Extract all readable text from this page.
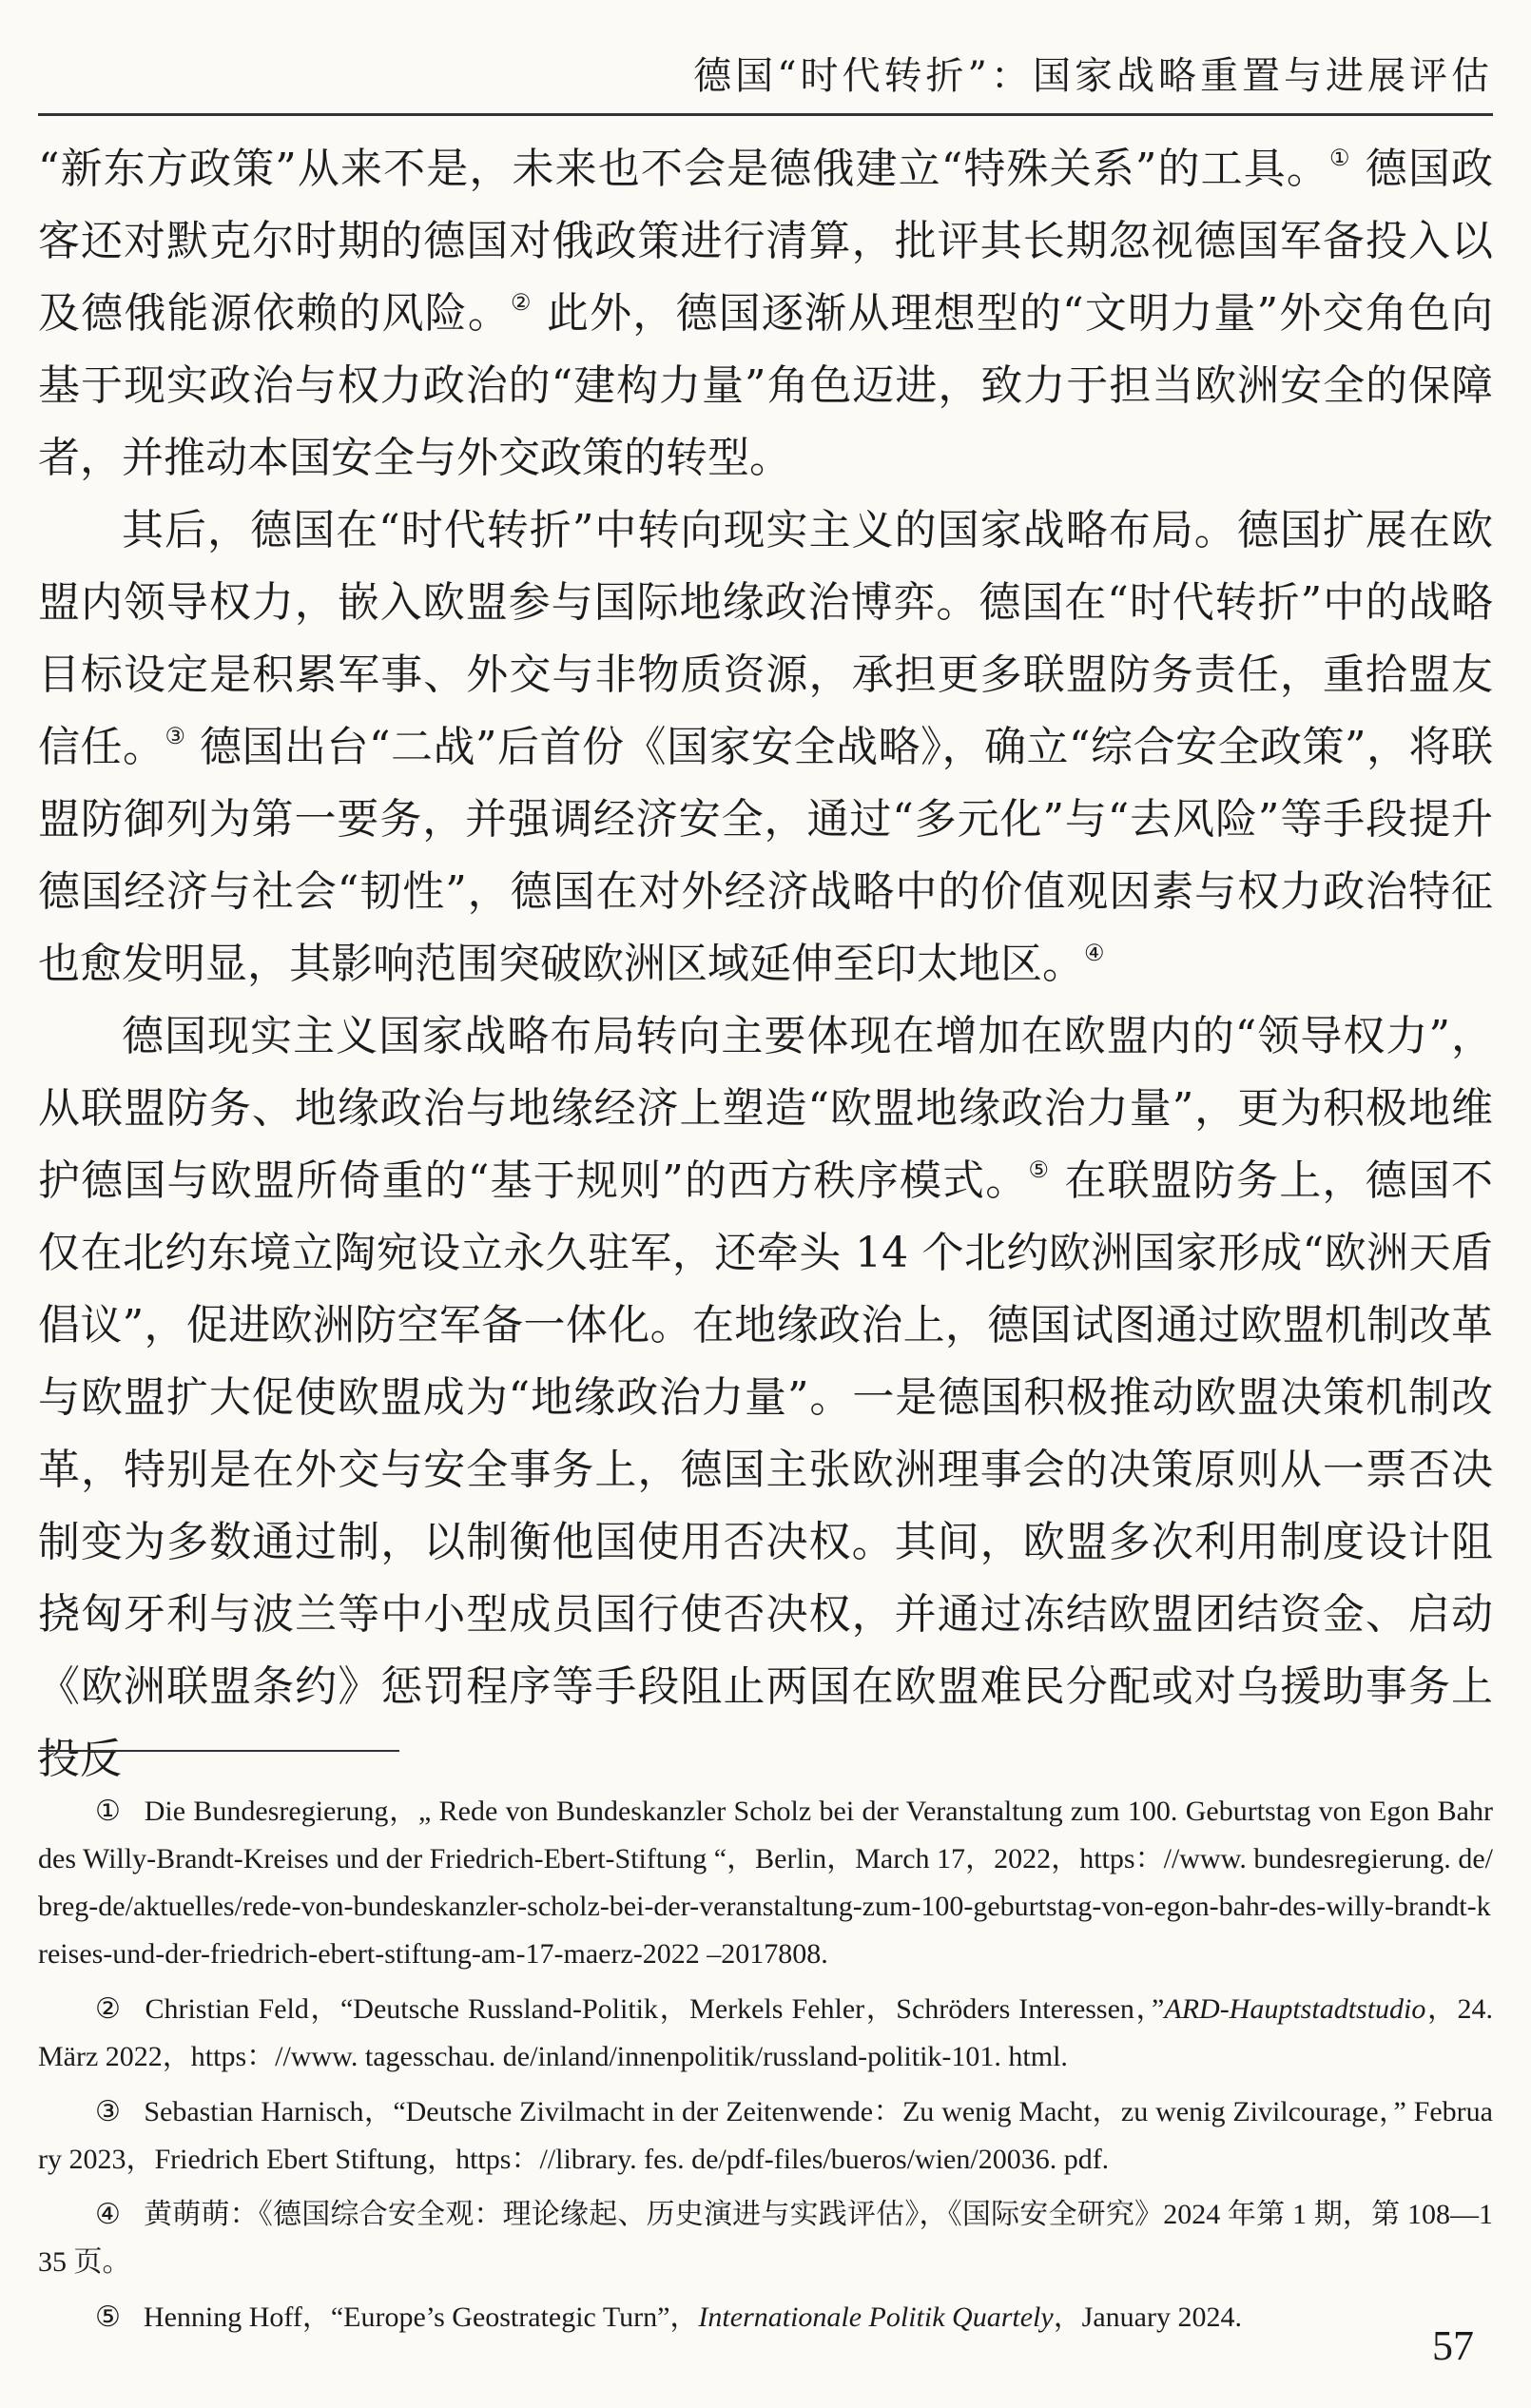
德国“时代转折”：国家战略重置与进展评估

“新东方政策”从来不是，未来也不会是德俄建立“特殊关系”的工具。① 德国政客还对默克尔时期的德国对俄政策进行清算，批评其长期忽视德国军备投入以及德俄能源依赖的风险。② 此外，德国逐渐从理想型的“文明力量”外交角色向基于现实政治与权力政治的“建构力量”角色迈进，致力于担当欧洲安全的保障者，并推动本国安全与外交政策的转型。

其后，德国在“时代转折”中转向现实主义的国家战略布局。德国扩展在欧盟内领导权力，嵌入欧盟参与国际地缘政治博弈。德国在“时代转折”中的战略目标设定是积累军事、外交与非物质资源，承担更多联盟防务责任，重拾盟友信任。③ 德国出台“二战”后首份《国家安全战略》，确立“综合安全政策”，将联盟防御列为第一要务，并强调经济安全，通过“多元化”与“去风险”等手段提升德国经济与社会“韧性”，德国在对外经济战略中的价值观因素与权力政治特征也愈发明显，其影响范围突破欧洲区域延伸至印太地区。④

德国现实主义国家战略布局转向主要体现在增加在欧盟内的“领导权力”，从联盟防务、地缘政治与地缘经济上塑造“欧盟地缘政治力量”，更为积极地维护德国与欧盟所倚重的“基于规则”的西方秩序模式。⑤ 在联盟防务上，德国不仅在北约东境立陶宛设立永久驻军，还牵头 14 个北约欧洲国家形成“欧洲天盾倡议”，促进欧洲防空军备一体化。在地缘政治上，德国试图通过欧盟机制改革与欧盟扩大促使欧盟成为“地缘政治力量”。一是德国积极推动欧盟决策机制改革，特别是在外交与安全事务上，德国主张欧洲理事会的决策原则从一票否决制变为多数通过制，以制衡他国使用否决权。其间，欧盟多次利用制度设计阻挠匈牙利与波兰等中小型成员国行使否决权，并通过冻结欧盟团结资金、启动《欧洲联盟条约》惩罚程序等手段阻止两国在欧盟难民分配或对乌援助事务上投反

① Die Bundesregierung，„ Rede von Bundeskanzler Scholz bei der Veranstaltung zum 100. Geburtstag von Egon Bahr des Willy-Brandt-Kreises und der Friedrich-Ebert-Stiftung “，Berlin，March 17，2022，https：//www. bundesregierung. de/breg-de/aktuelles/rede-von-bundeskanzler-scholz-bei-der-veranstaltung-zum-100-geburtstag-von-egon-bahr-des-willy-brandt-kreises-und-der-friedrich-ebert-stiftung-am-17-maerz-2022 –2017808.
② Christian Feld，“Deutsche Russland-Politik，Merkels Fehler，Schröders Interessen，”ARD-Hauptstadtstudio，24. März 2022，https：//www. tagesschau. de/inland/innenpolitik/russland-politik-101. html.
③ Sebastian Harnisch，“Deutsche Zivilmacht in der Zeitenwende：Zu wenig Macht，zu wenig Zivilcourage，” February 2023，Friedrich Ebert Stiftung，https：//library. fes. de/pdf-files/bueros/wien/20036. pdf.
④ 黄萌萌：《德国综合安全观：理论缘起、历史演进与实践评估》，《国际安全研究》2024 年第 1 期，第 108—135 页。
⑤ Henning Hoff，“Europe’s Geostrategic Turn”，Internationale Politik Quartely，January 2024.
57
